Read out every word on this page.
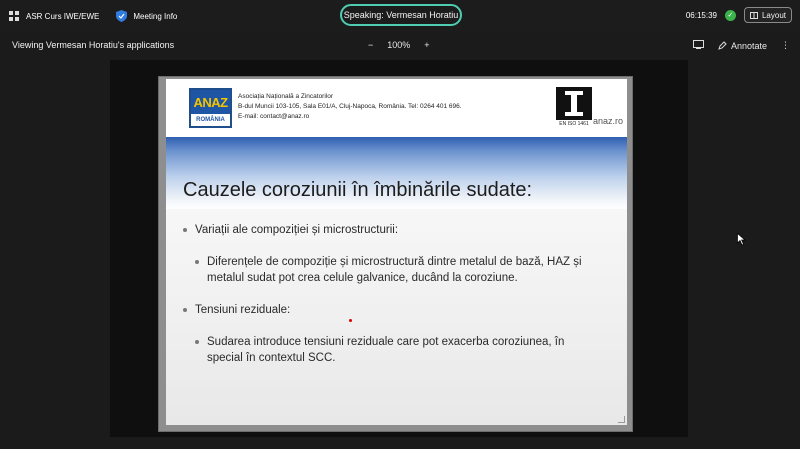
ASR Curs IWE/EWE	Meeting Info	Speaking: Vermesan Horatiu	06:15:39	✓	Layout
Viewing Vermesan Horatiu's applications	− 100% +	Annotate ⋮
ANAZ
ROMÂNIA
Asociația Națională a Zincatorilor
B-dul Muncii 103-105, Sala E01/A, Cluj-Napoca, România. Tel: 0264 401 696.
E-mail: contact@anaz.ro
EN ISO 1461 anaz.ro
Cauzele coroziunii în îmbinările sudate:
Variații ale compoziției și microstructurii:
Diferențele de compoziție și microstructură dintre metalul de bază, HAZ și
metalul sudat pot crea celule galvanice, ducând la coroziune.
Tensiuni reziduale:
Sudarea introduce tensiuni reziduale care pot exacerba coroziunea, în
special în contextul SCC.
